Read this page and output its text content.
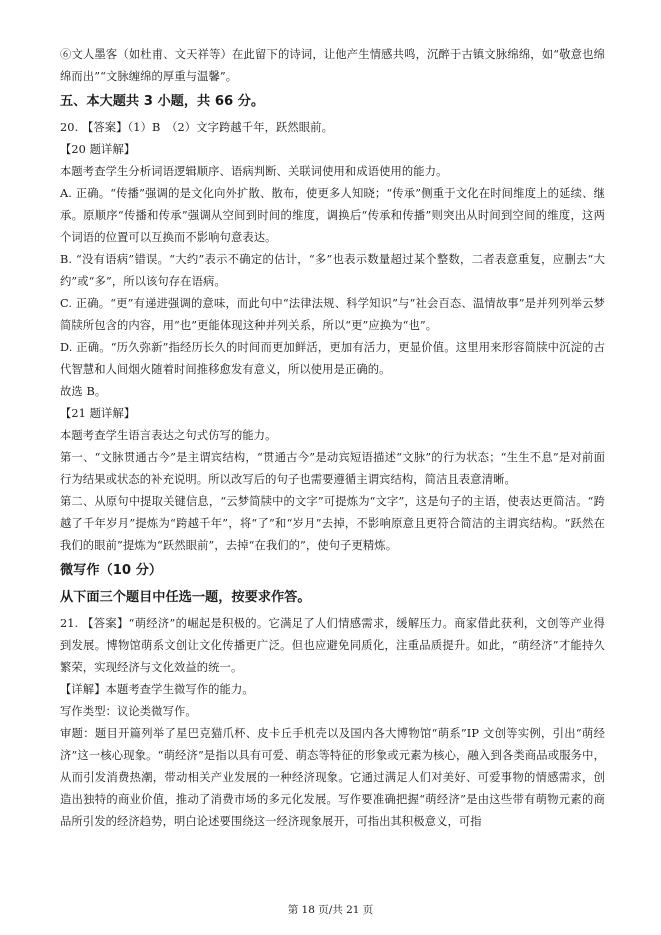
⑥文人墨客（如杜甫、文天祥等）在此留下的诗词，让他产生情感共鸣，沉醉于古镇文脉绵绵，如“敬意也绵绵而出”“文脉缠绵的厚重与温馨”。

五、本大题共 3 小题，共 66 分。

20. 【答案】（1）B　（2）文字跨越千年，跃然眼前。

【20 题详解】

本题考查学生分析词语逻辑顺序、语病判断、关联词使用和成语使用的能力。

A. 正确。“传播”强调的是文化向外扩散、散布，使更多人知晓；“传承”侧重于文化在时间维度上的延续、继承。原顺序“传播和传承”强调从空间到时间的维度，调换后“传承和传播”则突出从时间到空间的维度，这两个词语的位置可以互换而不影响句意表达。

B. “没有语病”错误。“大约”表示不确定的估计，“多”也表示数量超过某个整数，二者表意重复，应删去“大约”或“多”，所以该句存在语病。

C. 正确。“更”有递进强调的意味，而此句中“法律法规、科学知识”与“社会百态、温情故事”是并列列举云梦简牍所包含的内容，用“也”更能体现这种并列关系，所以“更”应换为“也”。

D. 正确。“历久弥新”指经历长久的时间而更加鲜活，更加有活力，更显价值。这里用来形容简牍中沉淀的古代智慧和人间烟火随着时间推移愈发有意义，所以使用是正确的。

故选 B。

【21 题详解】

本题考查学生语言表达之句式仿写的能力。

第一、“文脉贯通古今”是主谓宾结构，“贯通古今”是动宾短语描述“文脉”的行为状态；“生生不息”是对前面行为结果或状态的补充说明。所以改写后的句子也需要遵循主谓宾结构，简洁且表意清晰。

第二、从原句中提取关键信息，“云梦简牍中的文字”可提炼为“文字”，这是句子的主语，使表达更简洁。“跨越了千年岁月”提炼为“跨越千年”，将“了”和“岁月”去掉，不影响原意且更符合简洁的主谓宾结构。“跃然在我们的眼前”提炼为“跃然眼前”，去掉“在我们的”，使句子更精炼。

微写作（10 分）

从下面三个题目中任选一题，按要求作答。

21. 【答案】“萌经济”的崛起是积极的。它满足了人们情感需求，缓解压力。商家借此获利，文创等产业得到发展。博物馆萌系文创让文化传播更广泛。但也应避免同质化，注重品质提升。如此，“萌经济”才能持久繁荣，实现经济与文化效益的统一。

【详解】本题考查学生微写作的能力。

写作类型：议论类微写作。

审题：题目开篇列举了星巴克猫爪杯、皮卡丘手机壳以及国内各大博物馆“萌系”IP 文创等实例，引出“萌经济”这一核心现象。“萌经济”是指以具有可爱、萌态等特征的形象或元素为核心，融入到各类商品或服务中，从而引发消费热潮，带动相关产业发展的一种经济现象。它通过满足人们对美好、可爱事物的情感需求，创造出独特的商业价值，推动了消费市场的多元化发展。写作要准确把握“萌经济”是由这些带有萌物元素的商品所引发的经济趋势，明白论述要围绕这一经济现象展开，可指出其积极意义，可指

第 18 页/共 21 页
